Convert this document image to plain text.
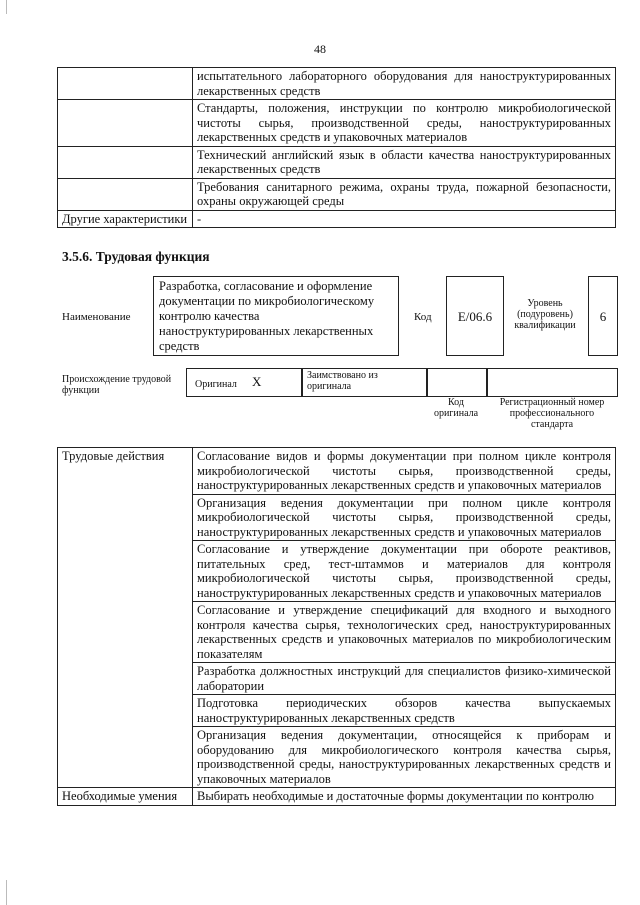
48
	испытательного лабораторного оборудования для наноструктурированных лекарственных средств
	Стандарты, положения, инструкции по контролю микробиологической чистоты сырья, производственной среды, наноструктурированных лекарственных средств и упаковочных материалов
	Технический английский язык в области качества наноструктурированных лекарственных средств
	Требования санитарного режима, охраны труда, пожарной безопасности, охраны окружающей среды
Другие характеристики	-
3.5.6. Трудовая функция
Наименование
Разработка, согласование и оформление документации по микробиологическому контролю качества наноструктурированных лекарственных средств
Код	E/06.6
Уровень (подуровень) квалификации
6
Происхождение трудовой функции
Оригинал X	Заимствовано из оригинала
Код оригинала
Регистрационный номер профессионального стандарта
Трудовые действия	Согласование видов и формы документации при полном цикле контроля микробиологической чистоты сырья, производственной среды, наноструктурированных лекарственных средств и упаковочных материалов
	Организация ведения документации при полном цикле контроля микробиологической чистоты сырья, производственной среды, наноструктурированных лекарственных средств и упаковочных материалов
	Согласование и утверждение документации при обороте реактивов, питательных сред, тест-штаммов и материалов для контроля микробиологической чистоты сырья, производственной среды, наноструктурированных лекарственных средств и упаковочных материалов
	Согласование и утверждение спецификаций для входного и выходного контроля качества сырья, технологических сред, наноструктурированных лекарственных средств и упаковочных материалов по микробиологическим показателям
	Разработка должностных инструкций для специалистов физико-химической лаборатории
	Подготовка периодических обзоров качества выпускаемых наноструктурированных лекарственных средств
	Организация ведения документации, относящейся к приборам и оборудованию для микробиологического контроля качества сырья, производственной среды, наноструктурированных лекарственных средств и упаковочных материалов
Необходимые умения	Выбирать необходимые и достаточные формы документации по контролю
